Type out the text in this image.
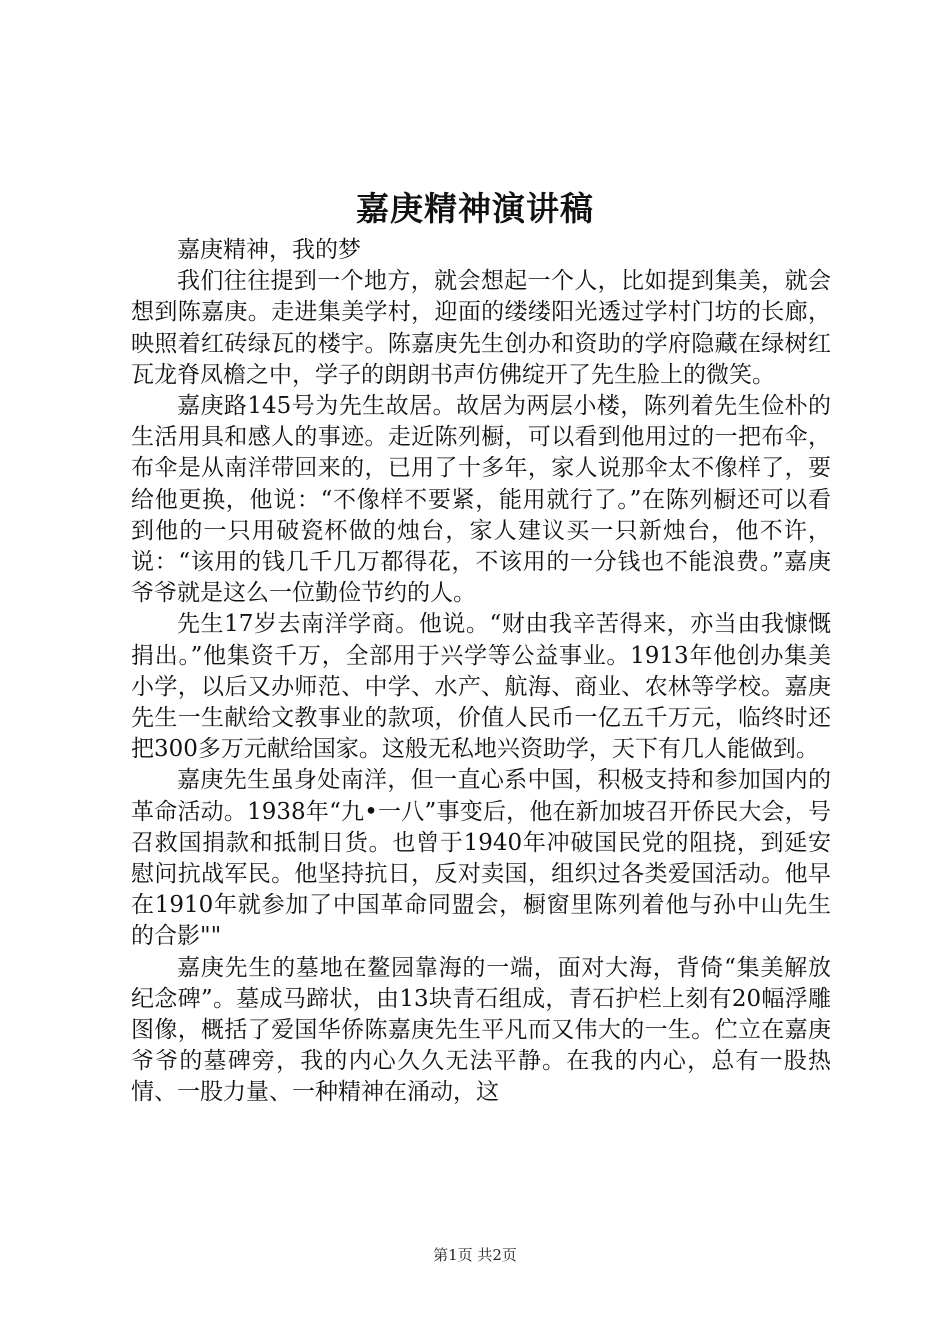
嘉庚精神演讲稿

嘉庚精神，我的梦

我们往往提到一个地方，就会想起一个人，比如提到集美，就会想到陈嘉庚。走进集美学村，迎面的缕缕阳光透过学村门坊的长廊，映照着红砖绿瓦的楼宇。陈嘉庚先生创办和资助的学府隐藏在绿树红瓦龙脊凤檐之中，学子的朗朗书声仿佛绽开了先生脸上的微笑。

嘉庚路145号为先生故居。故居为两层小楼，陈列着先生俭朴的生活用具和感人的事迹。走近陈列橱，可以看到他用过的一把布伞，布伞是从南洋带回来的，已用了十多年，家人说那伞太不像样了，要给他更换，他说：“不像样不要紧，能用就行了。”在陈列橱还可以看到他的一只用破瓷杯做的烛台，家人建议买一只新烛台，他不许，说：“该用的钱几千几万都得花，不该用的一分钱也不能浪费。”嘉庚爷爷就是这么一位勤俭节约的人。

先生17岁去南洋学商。他说。“财由我辛苦得来，亦当由我慷慨捐出。”他集资千万，全部用于兴学等公益事业。1913年他创办集美小学，以后又办师范、中学、水产、航海、商业、农林等学校。嘉庚先生一生献给文教事业的款项，价值人民币一亿五千万元，临终时还把300多万元献给国家。这般无私地兴资助学，天下有几人能做到。

嘉庚先生虽身处南洋，但一直心系中国，积极支持和参加国内的革命活动。1938年“九•一八”事变后，他在新加坡召开侨民大会，号召救国捐款和抵制日货。也曾于1940年冲破国民党的阻挠，到延安慰问抗战军民。他坚持抗日，反对卖国，组织过各类爱国活动。他早在1910年就参加了中国革命同盟会，橱窗里陈列着他与孙中山先生的合影""

嘉庚先生的墓地在鳌园靠海的一端，面对大海，背倚“集美解放纪念碑”。墓成马蹄状，由13块青石组成，青石护栏上刻有20幅浮雕图像，概括了爱国华侨陈嘉庚先生平凡而又伟大的一生。伫立在嘉庚爷爷的墓碑旁，我的内心久久无法平静。在我的内心，总有一股热情、一股力量、一种精神在涌动，这

第1页 共2页
